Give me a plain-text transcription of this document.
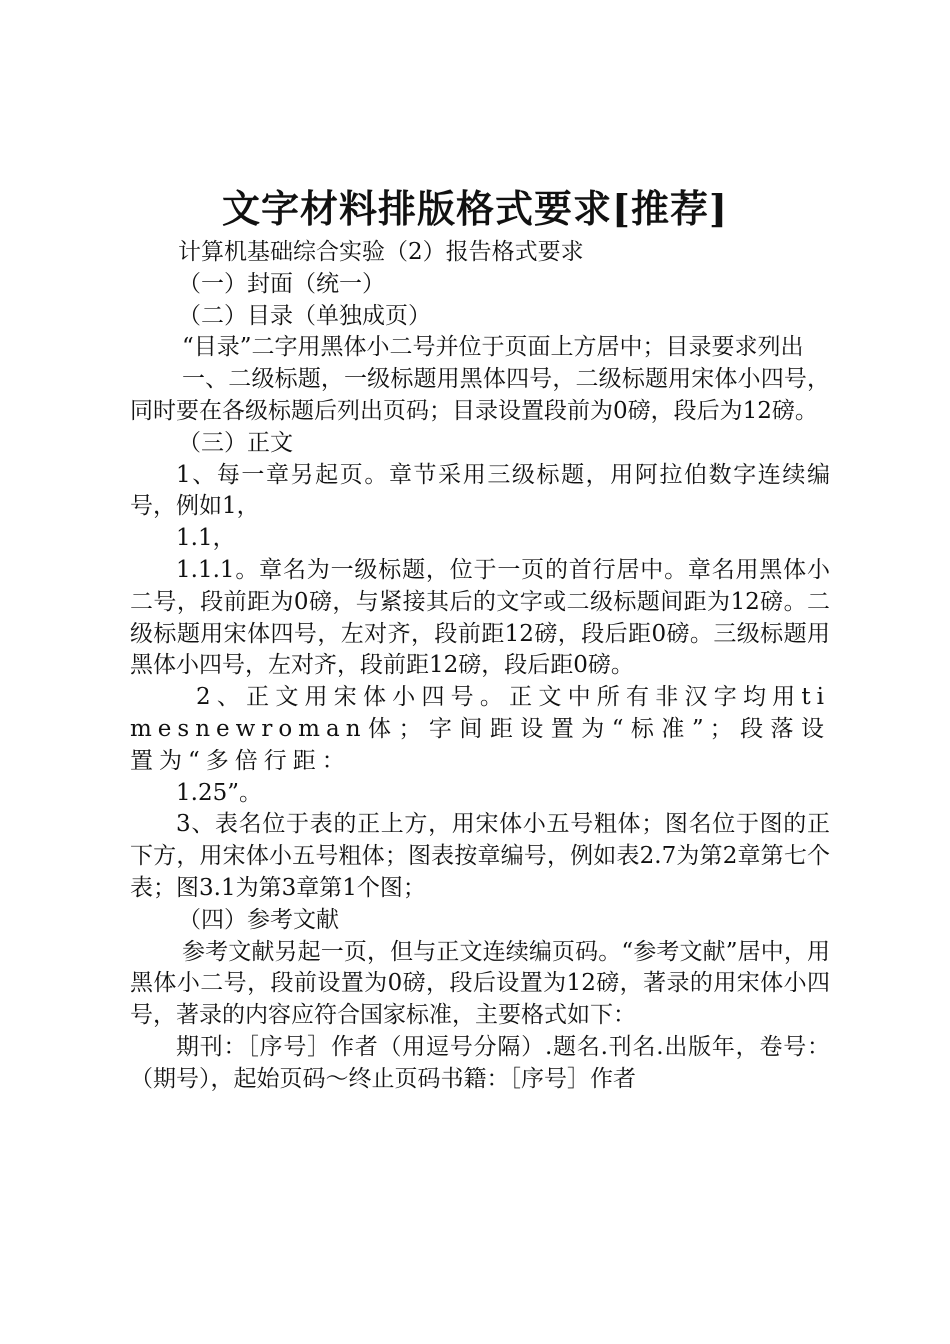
文字材料排版格式要求[推荐]

计算机基础综合实验（2）报告格式要求

（一）封面（统一）

（二）目录（单独成页）

“目录”二字用黑体小二号并位于页面上方居中；目录要求列出

一、二级标题，一级标题用黑体四号，二级标题用宋体小四号，同时要在各级标题后列出页码；目录设置段前为0磅，段后为12磅。

（三）正文

1、每一章另起页。章节采用三级标题，用阿拉伯数字连续编号，例如1，

1.1，

1.1.1。章名为一级标题，位于一页的首行居中。章名用黑体小二号，段前距为0磅，与紧接其后的文字或二级标题间距为12磅。二级标题用宋体四号，左对齐，段前距12磅，段后距0磅。三级标题用黑体小四号，左对齐，段前距12磅，段后距0磅。

2、正文用宋体小四号。正文中所有非汉字均用timesnewroman体；字间距设置为“标准”；段落设置为“多倍行距：

1.25”。

3、表名位于表的正上方，用宋体小五号粗体；图名位于图的正下方，用宋体小五号粗体；图表按章编号，例如表2.7为第2章第七个表；图3.1为第3章第1个图；

（四）参考文献

参考文献另起一页，但与正文连续编页码。“参考文献”居中，用黑体小二号，段前设置为0磅，段后设置为12磅，著录的用宋体小四号，著录的内容应符合国家标准，主要格式如下：

期刊：［序号］作者（用逗号分隔）.题名.刊名.出版年，卷号：（期号），起始页码～终止页码书籍：［序号］作者
